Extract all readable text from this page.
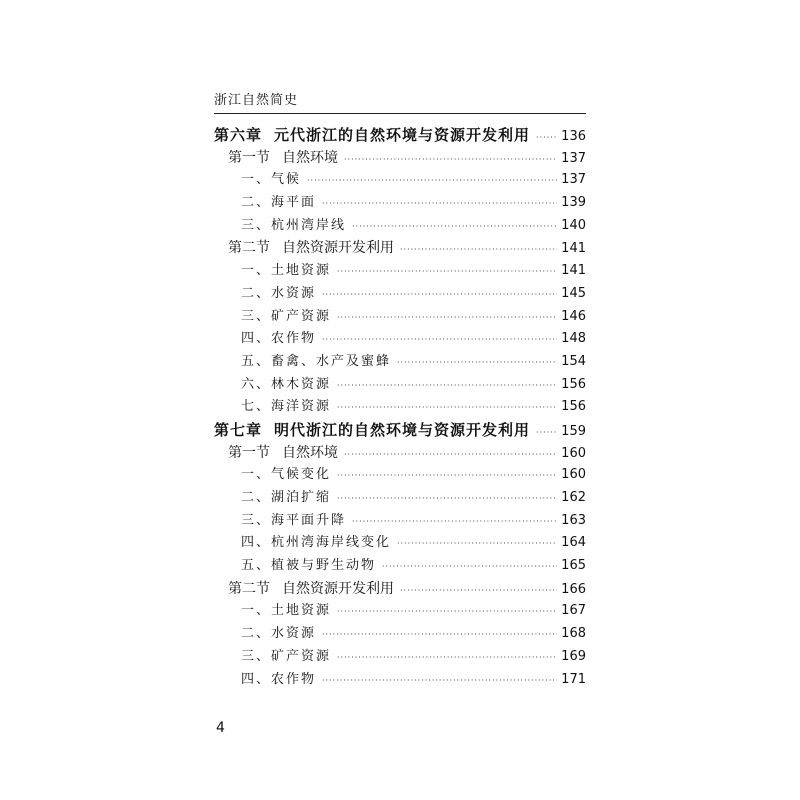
浙江自然简史
第六章 元代浙江的自然环境与资源开发利用 ····· 136
第一节 自然环境 ·····	137
一、气候 ·····	137
二、海平面 ·····	139
三、杭州湾岸线 ·····	140
第二节 自然资源开发利用 ·····	141
一、土地资源 ·····	141
二、水资源 ·····	145
三、矿产资源 ·····	146
四、农作物 ·····	148
五、畜禽、水产及蜜蜂 ·····	154
六、林木资源 ·····	156
七、海洋资源 ·····	156
第七章 明代浙江的自然环境与资源开发利用 ····· 159
第一节 自然环境 ·····	160
一、气候变化 ·····	160
二、湖泊扩缩 ·····	162
三、海平面升降 ·····	163
四、杭州湾海岸线变化 ·····	164
五、植被与野生动物 ·····	165
第二节 自然资源开发利用 ·····	166
一、土地资源 ·····	167
二、水资源 ·····	168
三、矿产资源 ·····	169
四、农作物 ·····	171
4
